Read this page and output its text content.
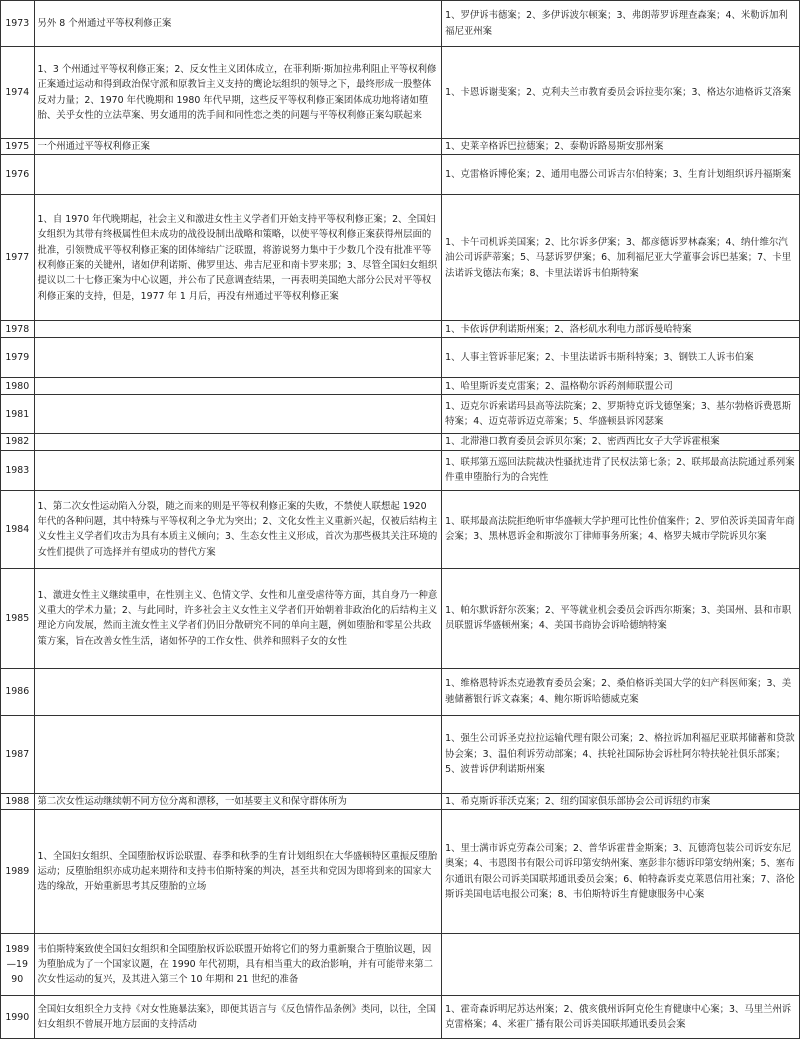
1973	另外 8 个州通过平等权利修正案	1、罗伊诉韦德案；2、多伊诉波尔顿案；3、弗朗蒂罗诉理查森案；4、米勒诉加利福尼亚州案
1974	1、3 个州通过平等权利修正案；2、反女性主义团体成立，在菲利斯·斯加拉弗利阻止平等权利修正案通过运动和得到政治保守派和原教旨主义支持的鹰论坛组织的领导之下，最终形成一股整体反对力量；2、1970 年代晚期和 1980 年代早期，这些反平等权利修正案团体成功地将诸如堕胎、关乎女性的立法草案、男女通用的洗手间和同性恋之类的问题与平等权利修正案勾联起来	1、卡恩诉谢斐案；2、克利夫兰市教育委员会诉拉斐尔案；3、格达尔迪格诉艾洛案
1975	一个州通过平等权利修正案	1、史莱辛格诉巴拉德案；2、泰勒诉路易斯安那州案
1976		1、克雷格诉博伦案；2、通用电器公司诉吉尔伯特案；3、生育计划组织诉丹福斯案
1977	1、自 1970 年代晚期起，社会主义和激进女性主义学者们开始支持平等权利修正案；2、全国妇女组织为其带有终极属性但未成功的战役设制出战略和策略，以使平等权利修正案获得州层面的批准，引领赞成平等权利修正案的团体缔结广泛联盟，将游说努力集中于少数几个没有批准平等权利修正案的关键州，诸如伊利诺斯、佛罗里达、弗吉尼亚和南卡罗来那；3、尽管全国妇女组织提议以二十七修正案为中心议题，并公布了民意调查结果，一再表明美国绝大部分公民对平等权利修正案的支持，但是，1977 年 1 月后，再没有州通过平等权利修正案	1、卡午司机诉美国案；2、比尔诉多伊案；3、都彦德诉罗林森案；4、纳什维尔汽油公司诉萨蒂案；5、马瑟诉罗伊案；6、加利福尼亚大学董事会诉巴基案；7、卡里法诺诉戈德法布案；8、卡里法诺诉韦伯斯特案
1978		1、卡依诉伊利诺斯州案；2、洛杉矶水利电力部诉曼哈特案
1979		1、人事主管诉菲尼案；2、卡里法诺诉韦斯科特案；3、钢铁工人诉韦伯案
1980		1、哈里斯诉麦克雷案；2、温格勒尔诉药剂师联盟公司
1981		1、迈克尔诉索诺玛县高等法院案；2、罗斯特克诉戈德堡案；3、基尔勃格诉费恩斯特案；4、迈克蒂诉迈克蒂案；5、华盛顿县诉冈瑟案
1982		1、北滞港口教育委员会诉贝尔案；2、密西西比女子大学诉霍根案
1983		1、联邦第五巡回法院裁决性骚扰违背了民权法第七条；2、联邦最高法院通过系列案件重申堕胎行为的合宪性
1984	1、第二次女性运动陷入分裂，随之而来的则是平等权利修正案的失败，不禁使人联想起 1920 年代的各种问题，其中特殊与平等权利之争尤为突出；2、文化女性主义重新兴起，仅被后结构主义女性主义学者们攻击为具有本质主义倾向；3、生态女性主义形成，首次为那些极其关注环境的女性们提供了可选择并有望成功的替代方案	1、联邦最高法院拒绝听审华盛顿大学护理可比性价值案件；2、罗伯茨诉美国青年商会案；3、黑林恩诉金和斯波尔丁律师事务所案；4、格罗夫城市学院诉贝尔案
1985	1、激进女性主义继续重申，在性别主义、色情文学、女性和儿童受虐待等方面，其自身乃一种意义重大的学术力量；2、与此同时，许多社会主义女性主义学者们开始朝着非政治化的后结构主义理论方向发展，然而主流女性主义学者们仍旧分散研究不同的单向主题，例如堕胎和零星公共政策方案，旨在改善女性生活，诸如怀孕的工作女性、供养和照料子女的女性	1、帕尔默诉舒尔茨案；2、平等就业机会委员会诉西尔斯案；3、美国州、县和市职员联盟诉华盛顿州案；4、美国书商协会诉哈德纳特案
1986		1、维格恩特诉杰克逊教育委员会案；2、桑伯格诉美国大学的妇产科医师案；3、美驰储蓄银行诉文森案；4、鲍尔斯诉哈德威克案
1987		1、强生公司诉圣克拉拉运输代理有限公司案；2、格拉诉加利福尼亚联邦储蓄和贷款协会案；3、温伯利诉劳动部案；4、扶轮社国际协会诉杜阿尔特扶轮社俱乐部案；5、波普诉伊利诺斯州案
1988	第二次女性运动继续朝不同方位分离和漂移，一如基要主义和保守群体所为	1、希克斯诉菲沃克案；2、纽约国家俱乐部协会公司诉纽约市案
1989	1、全国妇女组织、全国堕胎权诉讼联盟、春季和秋季的生育计划组织在大华盛顿特区重振反堕胎运动；反堕胎组织亦成功起来期待和支持韦伯斯特案的判决，甚至共和党因为即将到来的国家大选的缘故，开始重新思考其反堕胎的立场	1、里士满市诉克劳森公司案；2、普华诉霍普金斯案；3、瓦德湾包装公司诉安东尼奥案；4、韦恩图书有限公司诉印第安纳州案、塞彭非尔德诉印第安纳州案；5、塞布尔通讯有限公司诉美国联邦通讯委员会案；6、帕特森诉麦克莱恩信用社案；7、洛伦斯诉美国电话电报公司案；8、韦伯斯特诉生育健康服务中心案
1989—1990	韦伯斯特案致使全国妇女组织和全国堕胎权诉讼联盟开始将它们的努力重新聚合于堕胎议题，因为堕胎成为了一个国家议题，在 1990 年代初期，具有相当重大的政治影响，并有可能带来第二次女性运动的复兴，及其进入第三个 10 年期和 21 世纪的准备	
1990	全国妇女组织全力支持《对女性施暴法案》，即便其语言与《反色情作品条例》类同，以往，全国妇女组织不曾展开地方层面的支持活动	1、霍奇森诉明尼苏达州案；2、俄亥俄州诉阿克伦生育健康中心案；3、马里兰州诉克雷格案；4、米霍广播有限公司诉美国联邦通讯委员会案
